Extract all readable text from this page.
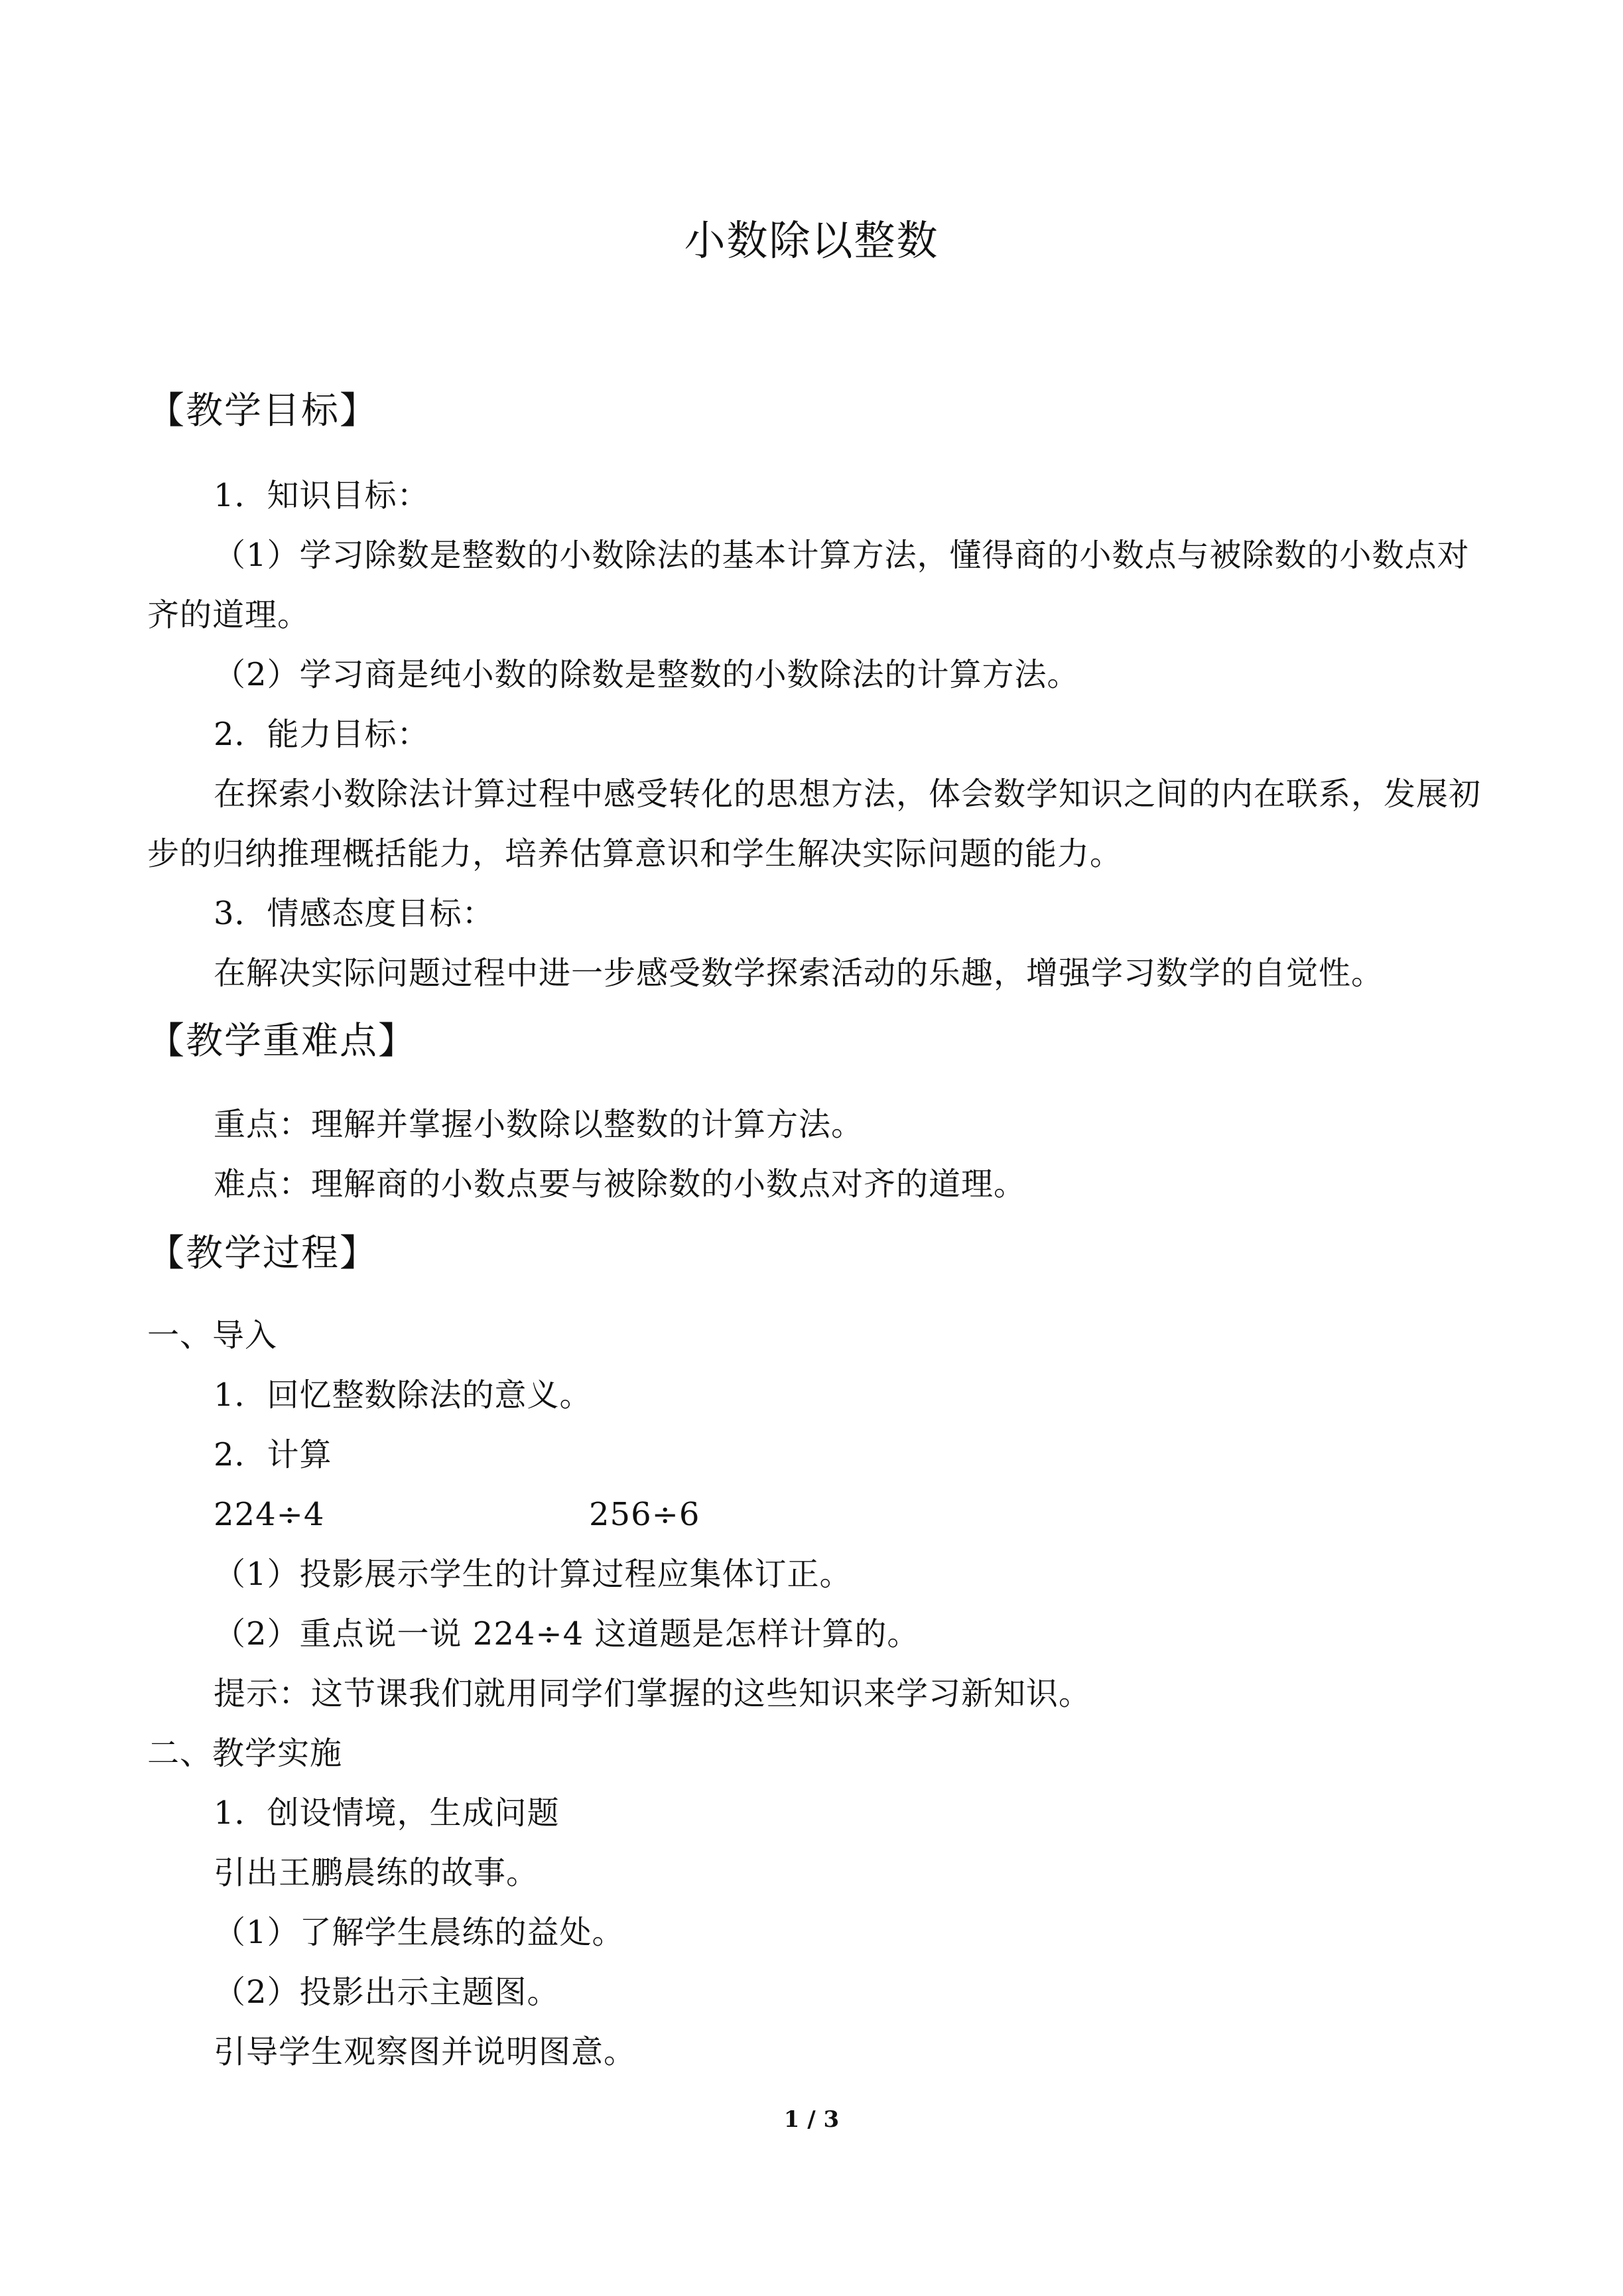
小数除以整数
【教学目标】
1．知识目标：
（1）学习除数是整数的小数除法的基本计算方法，懂得商的小数点与被除数的小数点对
齐的道理。
（2）学习商是纯小数的除数是整数的小数除法的计算方法。
2．能力目标：
在探索小数除法计算过程中感受转化的思想方法，体会数学知识之间的内在联系，发展初
步的归纳推理概括能力，培养估算意识和学生解决实际问题的能力。
3．情感态度目标：
在解决实际问题过程中进一步感受数学探索活动的乐趣，增强学习数学的自觉性。
【教学重难点】
重点：理解并掌握小数除以整数的计算方法。
难点：理解商的小数点要与被除数的小数点对齐的道理。
【教学过程】
一、导入
1．回忆整数除法的意义。
2．计算
224÷4	256÷6
（1）投影展示学生的计算过程应集体订正。
（2）重点说一说 224÷4 这道题是怎样计算的。
提示：这节课我们就用同学们掌握的这些知识来学习新知识。
二、教学实施
1．创设情境，生成问题
引出王鹏晨练的故事。
（1）了解学生晨练的益处。
（2）投影出示主题图。
引导学生观察图并说明图意。
1 / 3
